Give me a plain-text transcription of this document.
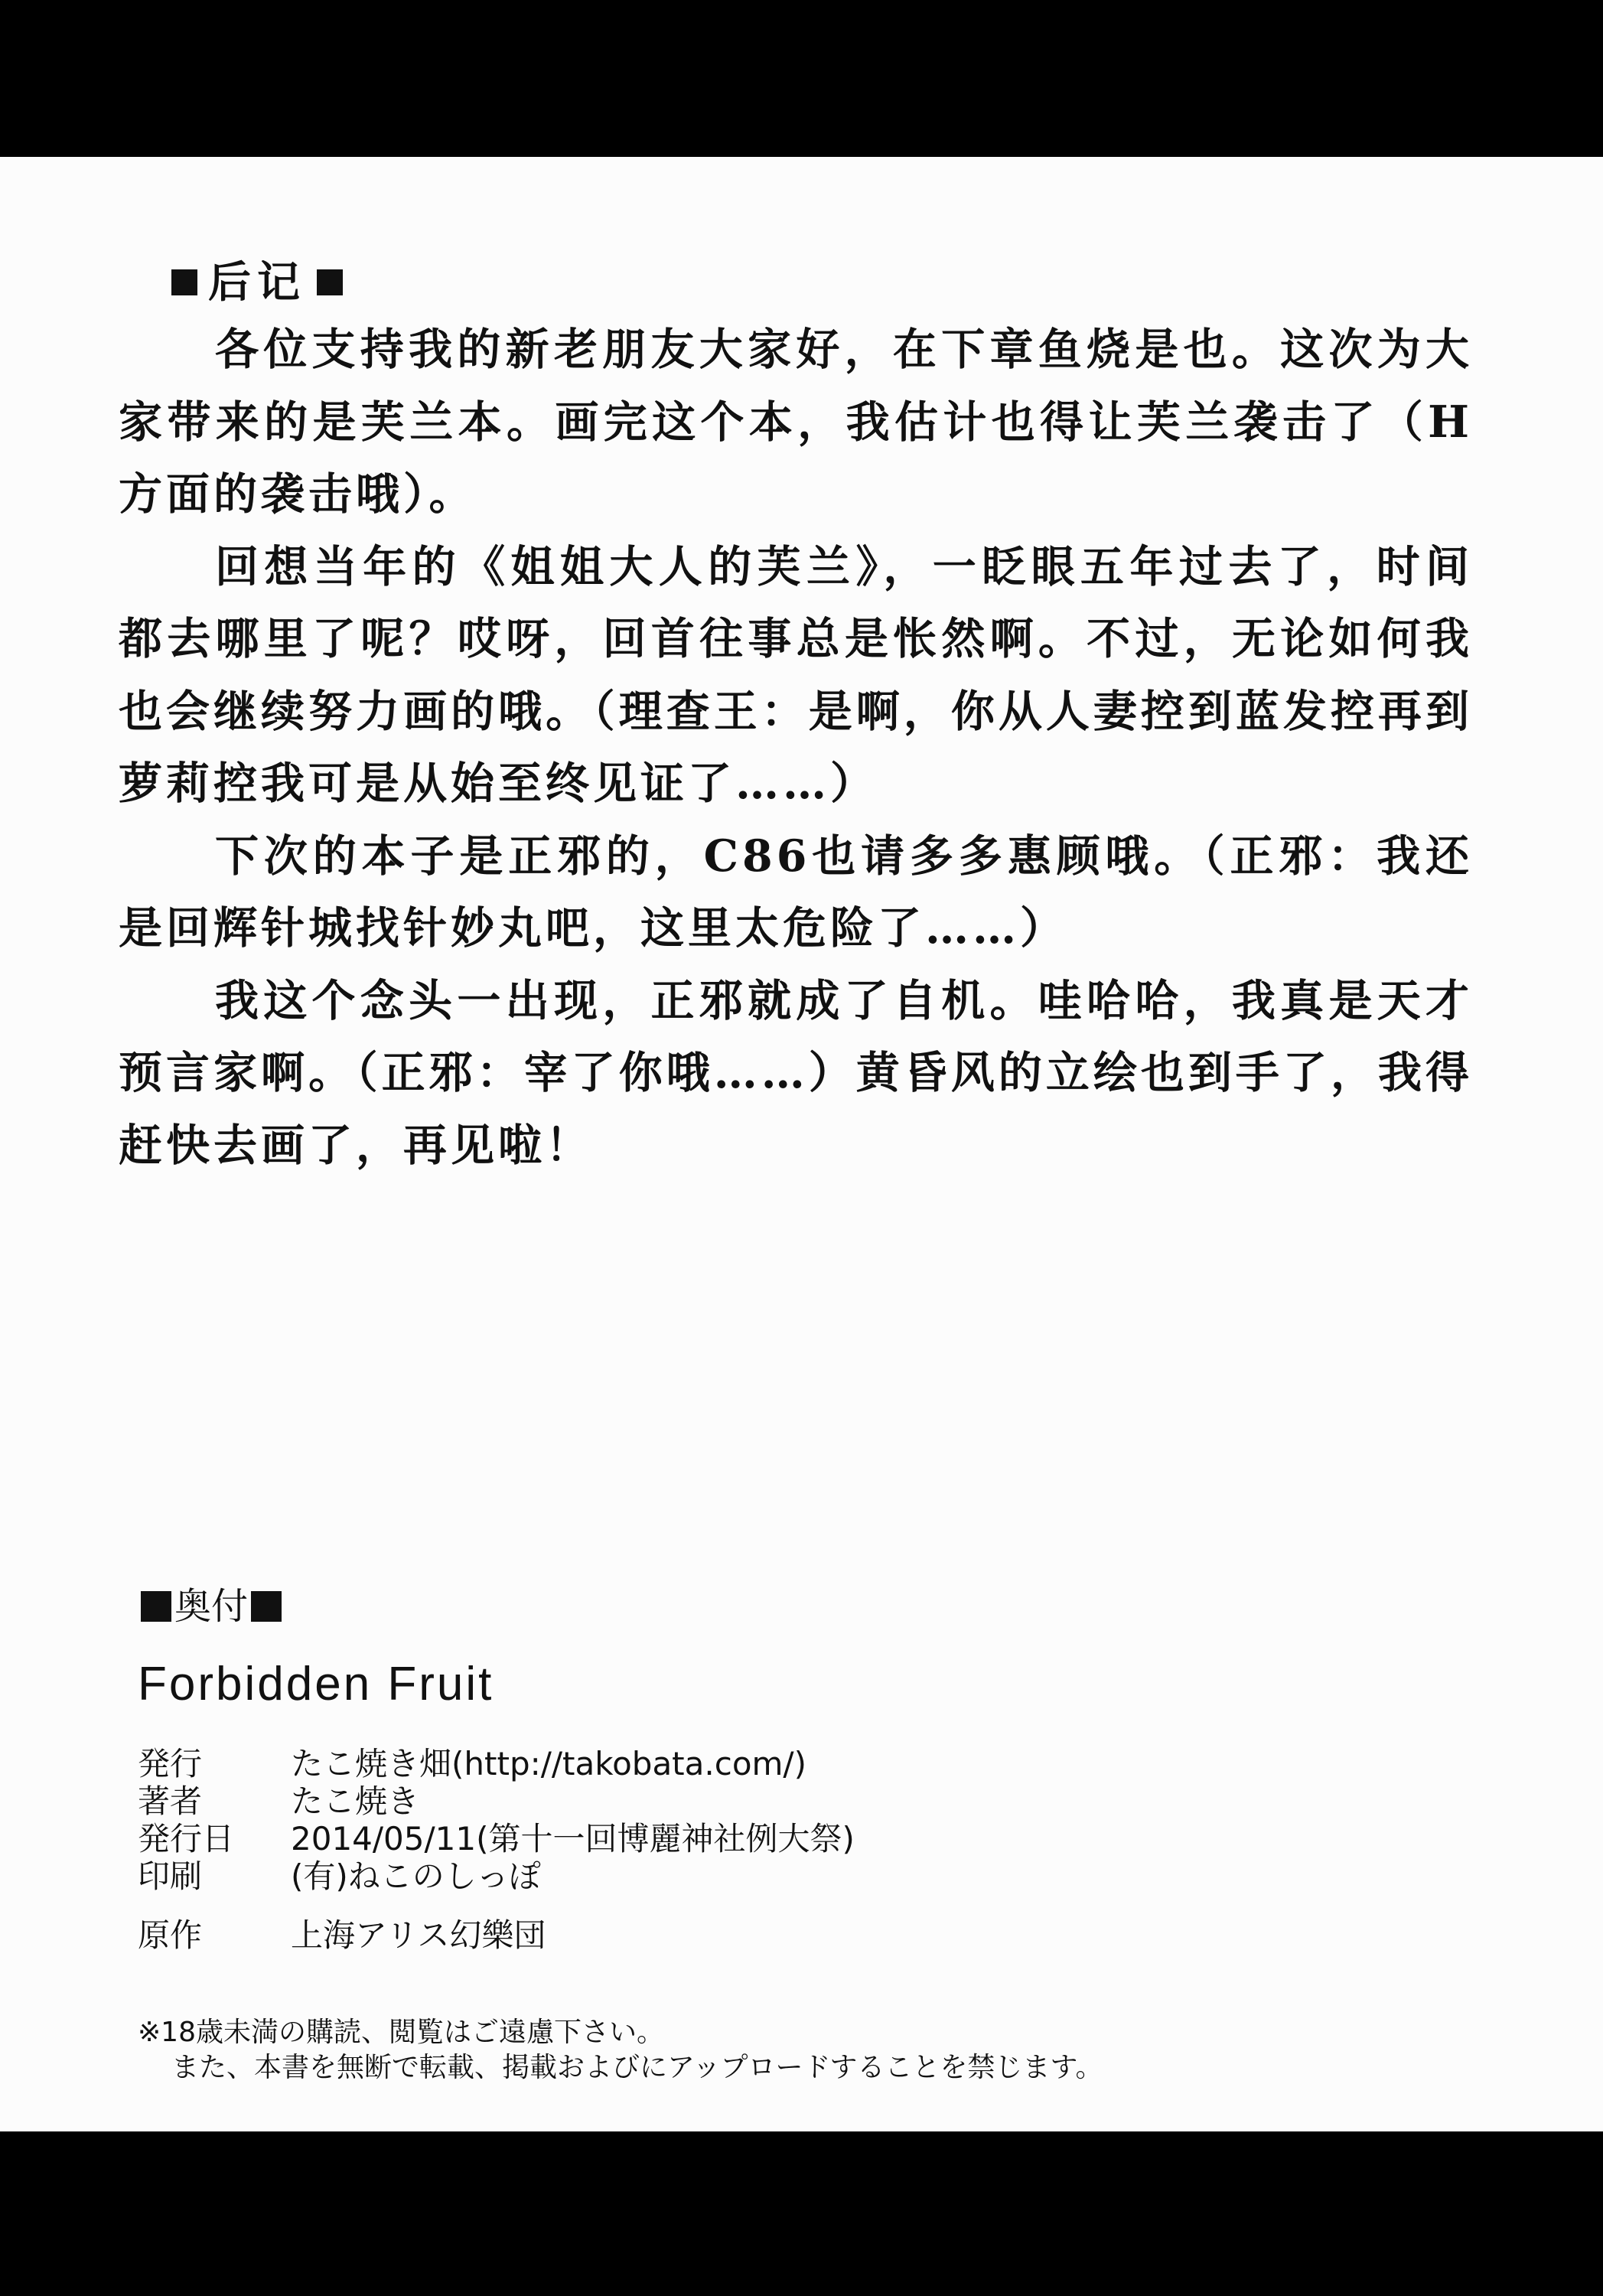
后记

各位支持我的新老朋友大家好，在下章鱼烧是也。这次为大家带来的是芙兰本。画完这个本，我估计也得让芙兰袭击了（H方面的袭击哦）。

回想当年的《姐姐大人的芙兰》，一眨眼五年过去了，时间都去哪里了呢？哎呀，回首往事总是怅然啊。不过，无论如何我也会继续努力画的哦。（理查王：是啊，你从人妻控到蓝发控再到萝莉控我可是从始至终见证了……）

下次的本子是正邪的，C86也请多多惠顾哦。（正邪：我还是回辉针城找针妙丸吧，这里太危险了……）

我这个念头一出现，正邪就成了自机。哇哈哈，我真是天才预言家啊。（正邪：宰了你哦……）黄昏风的立绘也到手了，我得赶快去画了，再见啦！

奥付
Forbidden Fruit
発行	たこ焼き畑(http://takobata.com/)
著者	たこ焼き
発行日 2014/05/11(第十一回博麗神社例大祭)
印刷	(有)ねこのしっぽ
原作	上海アリス幻樂団
※18歳未満の購読、閲覧はご遠慮下さい。
また、本書を無断で転載、掲載およびにアップロードすることを禁じます。
